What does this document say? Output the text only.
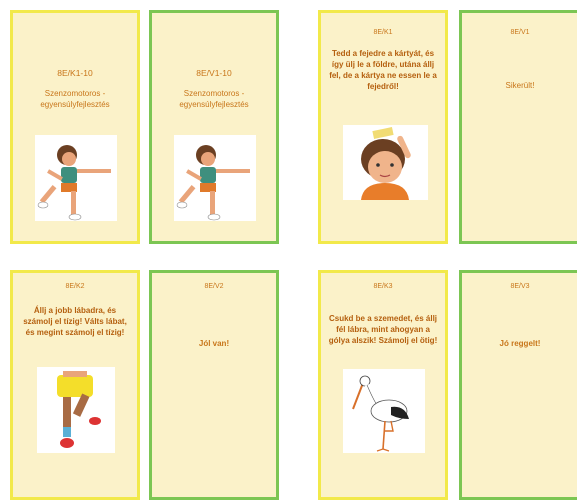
8E/K1-10
Szenzomotoros - egyensúlyfejlesztés
8E/V1-10
Szenzomotoros - egyensúlyfejlesztés
8E/K1
Tedd a fejedre a kártyát, és így ülj le a földre, utána állj fel, de a kártya ne essen le a fejedről!
8E/V1
Sikerült!
8E/K2
Állj a jobb lábadra, és számolj el tízig! Válts lábat, és megint számolj el tízig!
8E/V2
Jól van!
8E/K3
Csukd be a szemedet, és állj fél lábra, mint ahogyan a gólya alszik! Számolj el ötig!
8E/V3
Jó reggelt!
